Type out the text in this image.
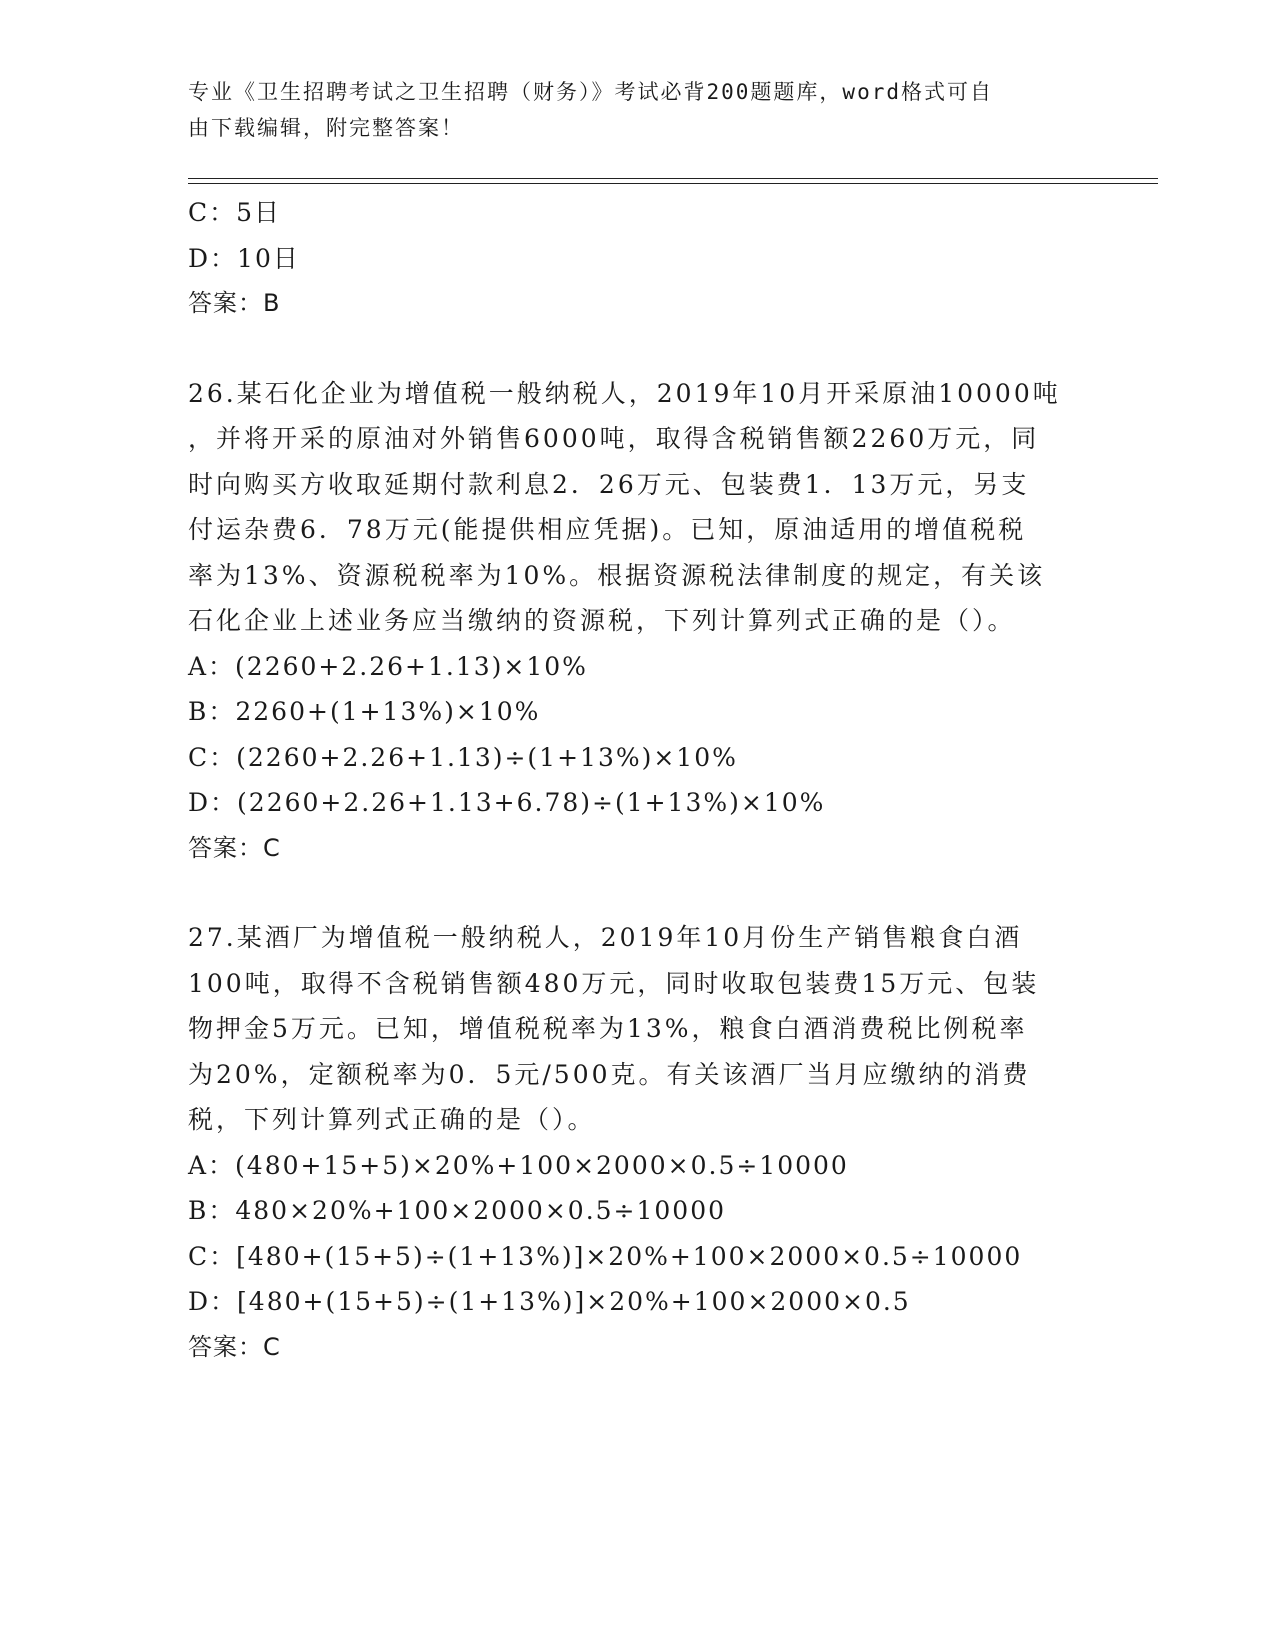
专业《卫生招聘考试之卫生招聘（财务）》考试必背200题题库，word格式可自
由下载编辑，附完整答案！
C：5日
D：10日
答案：B
26.某石化企业为增值税一般纳税人，2019年10月开采原油10000吨
，并将开采的原油对外销售6000吨，取得含税销售额2260万元，同
时向购买方收取延期付款利息2．26万元、包装费1．13万元，另支
付运杂费6．78万元(能提供相应凭据)。已知，原油适用的增值税税
率为13%、资源税税率为10%。根据资源税法律制度的规定，有关该
石化企业上述业务应当缴纳的资源税，下列计算列式正确的是（）。
A：(2260+2.26+1.13)×10%
B：2260+(1+13%)×10%
C：(2260+2.26+1.13)÷(1+13%)×10%
D：(2260+2.26+1.13+6.78)÷(1+13%)×10%
答案：C
27.某酒厂为增值税一般纳税人，2019年10月份生产销售粮食白酒
100吨，取得不含税销售额480万元，同时收取包装费15万元、包装
物押金5万元。已知，增值税税率为13%，粮食白酒消费税比例税率
为20%，定额税率为0．5元/500克。有关该酒厂当月应缴纳的消费
税，下列计算列式正确的是（）。
A：(480+15+5)×20%+100×2000×0.5÷10000
B：480×20%+100×2000×0.5÷10000
C：[480+(15+5)÷(1+13%)]×20%+100×2000×0.5÷10000
D：[480+(15+5)÷(1+13%)]×20%+100×2000×0.5
答案：C
